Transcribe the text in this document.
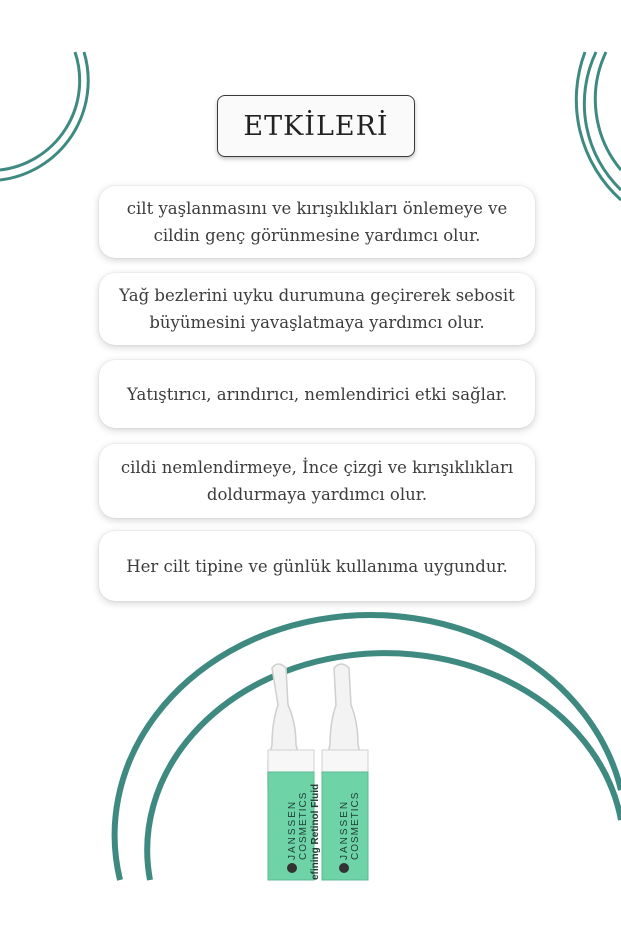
JANSSEN COSMETICS efining Retinol Fluid JANSSEN COSMETICS
ETKİLERİ
cilt yaşlanmasını ve kırışıklıkları önlemeye ve
cildin genç görünmesine yardımcı olur.
Yağ bezlerini uyku durumuna geçirerek sebosit
büyümesini yavaşlatmaya yardımcı olur.
Yatıştırıcı, arındırıcı, nemlendirici etki sağlar.
cildi nemlendirmeye, İnce çizgi ve kırışıklıkları
doldurmaya yardımcı olur.
Her cilt tipine ve günlük kullanıma uygundur.
